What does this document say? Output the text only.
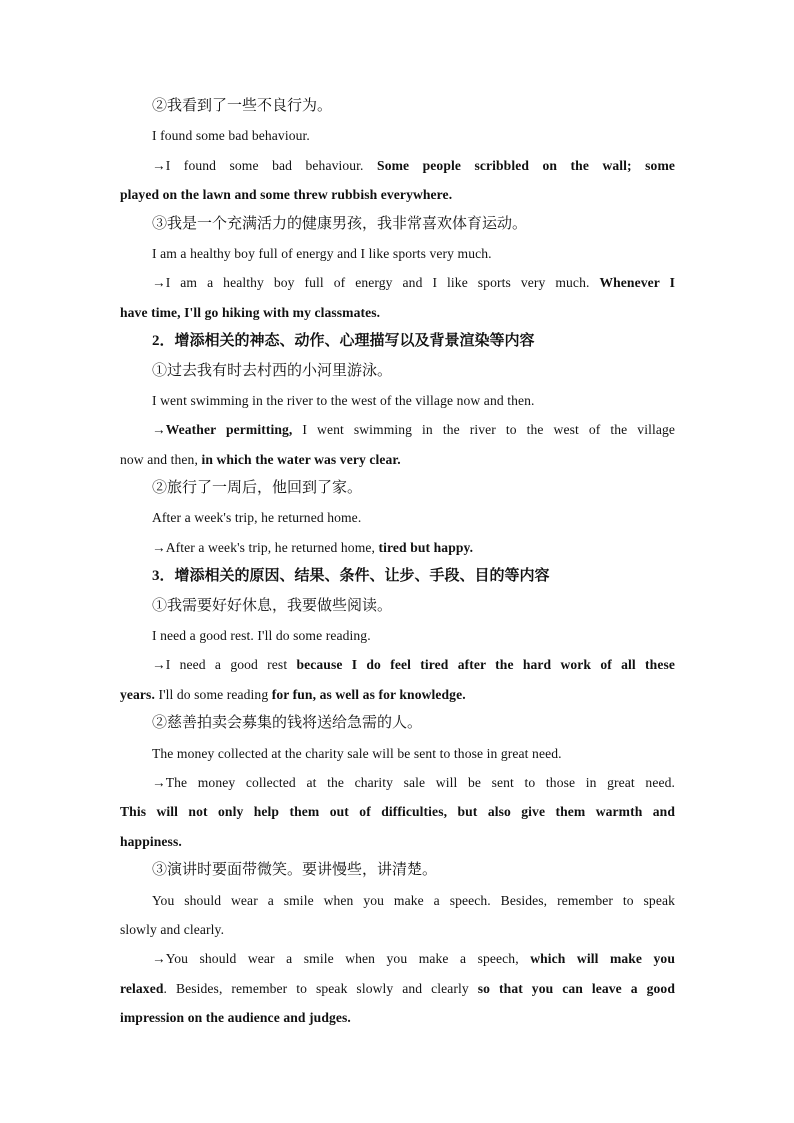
②我看到了一些不良行为。
I found some bad behaviour.
→I found some bad behaviour. Some people scribbled on the wall; some
played on the lawn and some threw rubbish everywhere.
③我是一个充满活力的健康男孩，我非常喜欢体育运动。
I am a healthy boy full of energy and I like sports very much.
→I am a healthy boy full of energy and I like sports very much. Whenever I
have time, I'll go hiking with my classmates.
2．增添相关的神态、动作、心理描写以及背景渲染等内容
①过去我有时去村西的小河里游泳。
I went swimming in the river to the west of the village now and then.
→Weather permitting, I went swimming in the river to the west of the village
now and then, in which the water was very clear.
②旅行了一周后，他回到了家。
After a week's trip, he returned home.
→After a week's trip, he returned home, tired but happy.
3．增添相关的原因、结果、条件、让步、手段、目的等内容
①我需要好好休息，我要做些阅读。
I need a good rest. I'll do some reading.
→I need a good rest because I do feel tired after the hard work of all these
years. I'll do some reading for fun, as well as for knowledge.
②慈善拍卖会募集的钱将送给急需的人。
The money collected at the charity sale will be sent to those in great need.
→The money collected at the charity sale will be sent to those in great need.
This will not only help them out of difficulties, but also give them warmth and
happiness.
③演讲时要面带微笑。要讲慢些，讲清楚。
You should wear a smile when you make a speech. Besides, remember to speak
slowly and clearly.
→You should wear a smile when you make a speech, which will make you
relaxed. Besides, remember to speak slowly and clearly so that you can leave a good
impression on the audience and judges.
